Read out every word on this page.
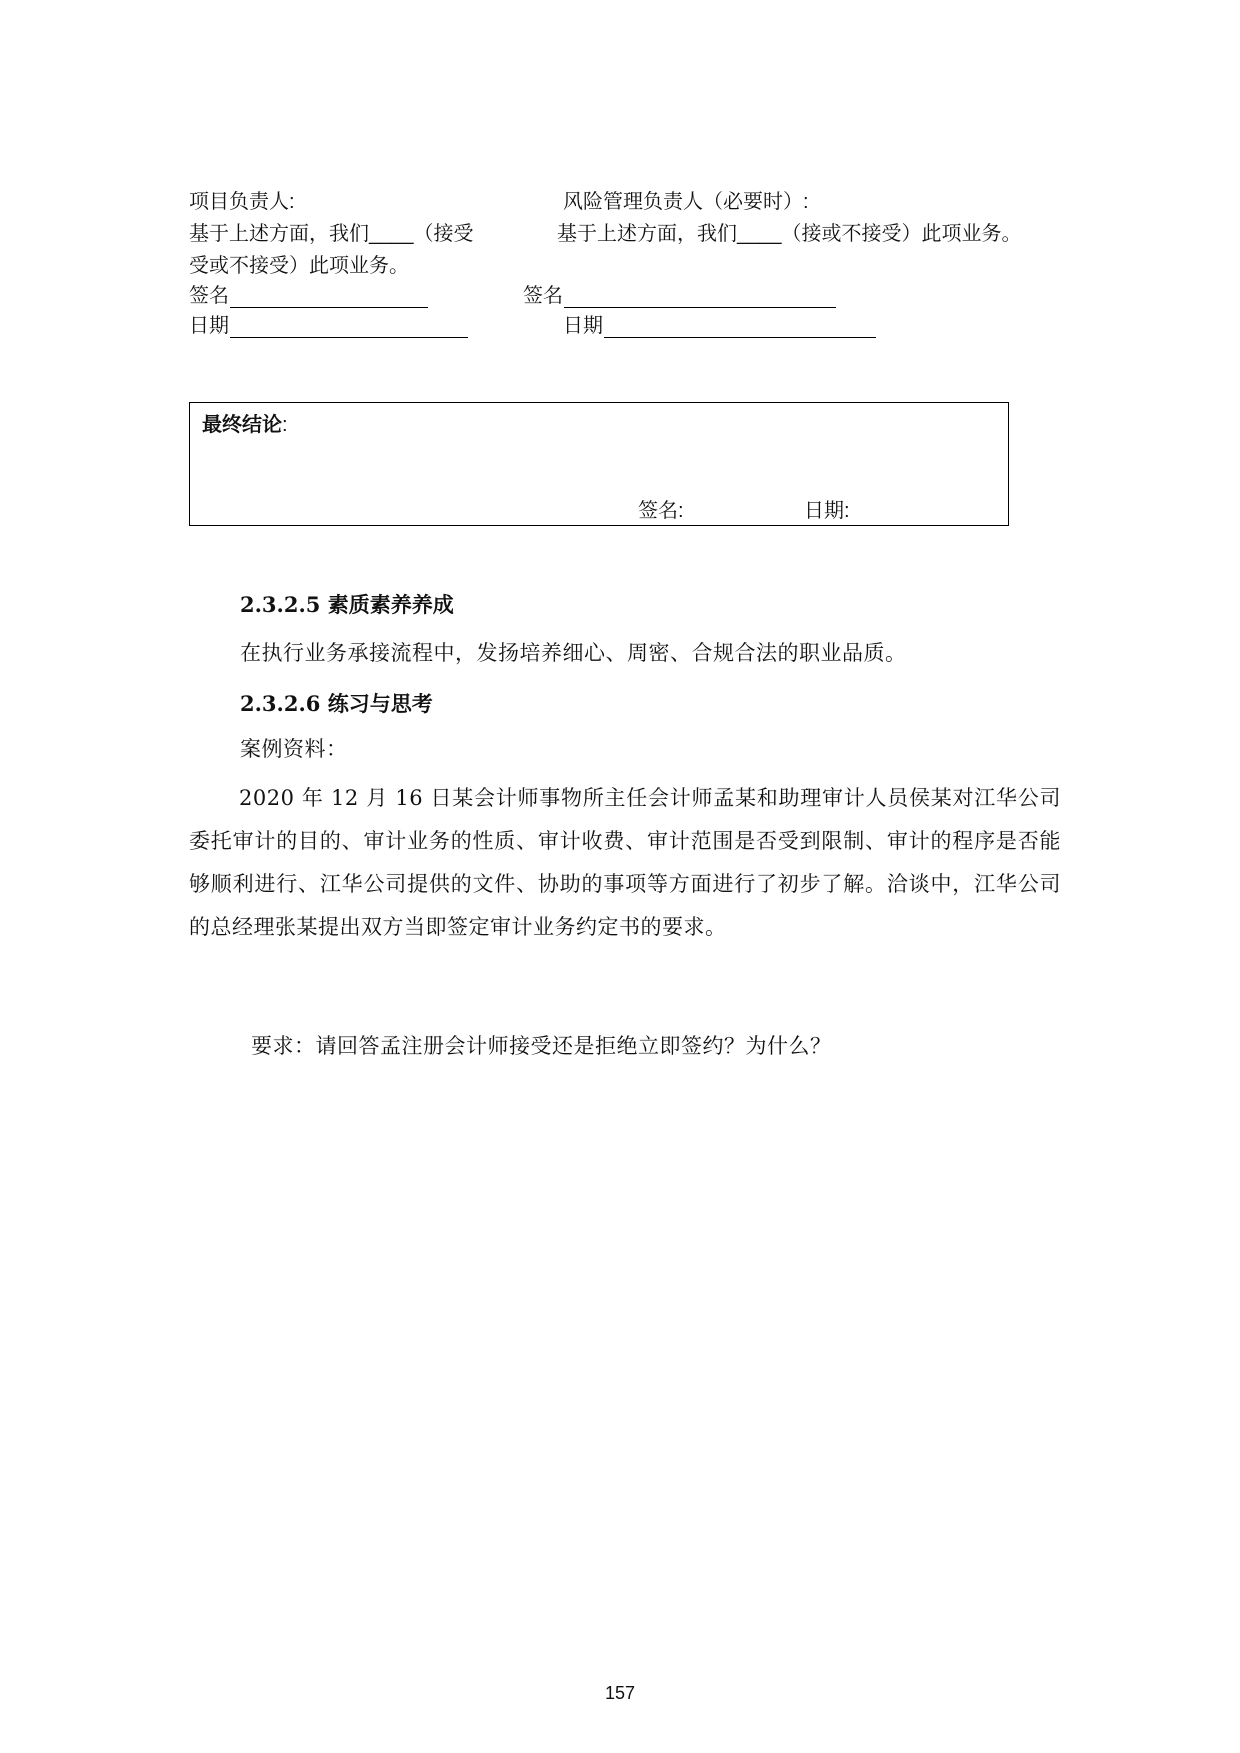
项目负责人:	风险管理负责人（必要时）:
基于上述方面，我们____（接受	基于上述方面，我们____（接或不接受）此项业务。
受或不接受）此项业务。
签名	签名
日期	日期
最终结论:
签名:	日期:
2.3.2.5 素质素养养成
在执行业务承接流程中，发扬培养细心、周密、合规合法的职业品质。
2.3.2.6 练习与思考
案例资料：
2020 年 12 月 16 日某会计师事物所主任会计师孟某和助理审计人员侯某对江华公司委托审计的目的、审计业务的性质、审计收费、审计范围是否受到限制、审计的程序是否能够顺利进行、江华公司提供的文件、协助的事项等方面进行了初步了解。洽谈中，江华公司的总经理张某提出双方当即签定审计业务约定书的要求。
要求：请回答孟注册会计师接受还是拒绝立即签约？为什么？
157
